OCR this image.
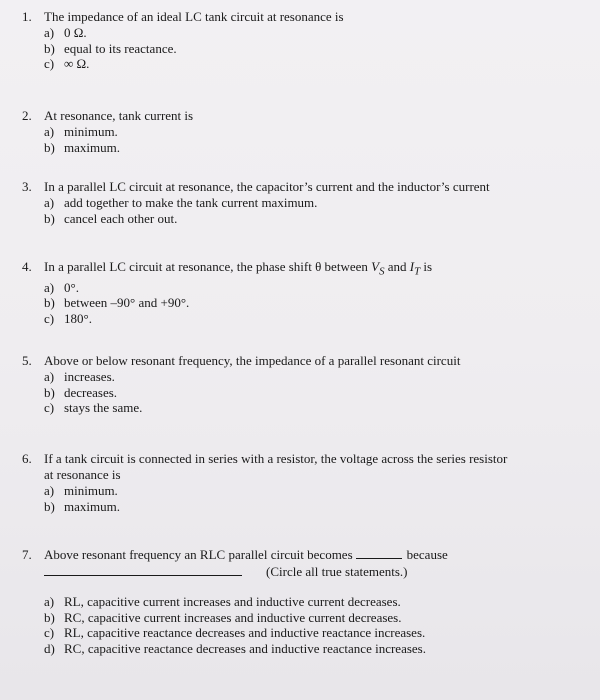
1. The impedance of an ideal LC tank circuit at resonance is
a) 0 Ω.
b) equal to its reactance.
c) ∞ Ω.
2. At resonance, tank current is
a) minimum.
b) maximum.
3. In a parallel LC circuit at resonance, the capacitor’s current and the inductor’s current
a) add together to make the tank current maximum.
b) cancel each other out.
4. In a parallel LC circuit at resonance, the phase shift θ between $V_S$ and $I_T$ is
a) 0°.
b) between –90° and +90°.
c) 180°.
5. Above or below resonant frequency, the impedance of a parallel resonant circuit
a) increases.
b) decreases.
c) stays the same.
6. If a tank circuit is connected in series with a resistor, the voltage across the series resistor
at resonance is
a) minimum.
b) maximum.
7. Above resonant frequency an RLC parallel circuit becomes	because
(Circle all true statements.)
a) RL, capacitive current increases and inductive current decreases.
b) RC, capacitive current increases and inductive current decreases.
c) RL, capacitive reactance decreases and inductive reactance increases.
d) RC, capacitive reactance decreases and inductive reactance increases.
